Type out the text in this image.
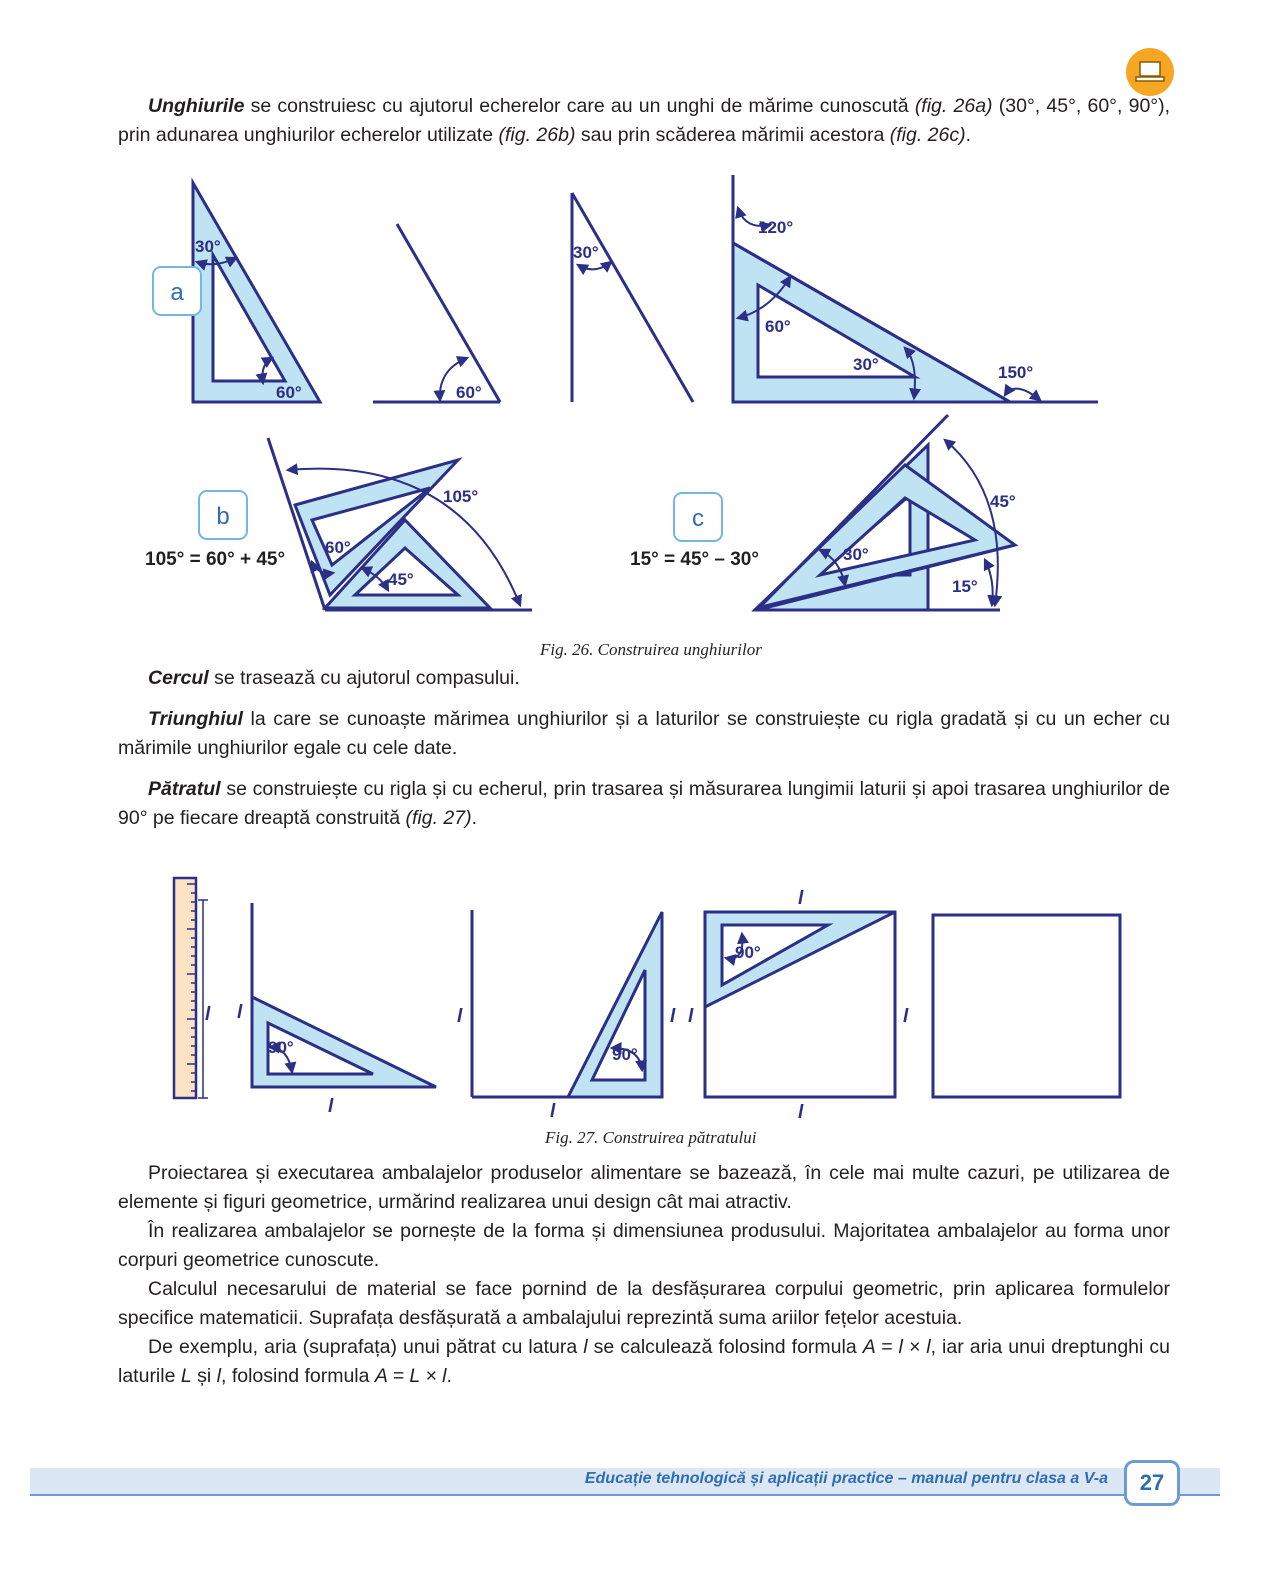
Unghiurile se construiesc cu ajutorul echerelor care au un unghi de mărime cunoscută (fig. 26a) (30°, 45°, 60°, 90°), prin adunarea unghiurilor echerelor utilizate (fig. 26b) sau prin scăderea mărimii acestora (fig. 26c).

30°
60°	60°
30°
120°
60°
30°	150°
105°
60°
45°
45°
30°
15°
105° = 60° + 45°	15° = 45° – 30°
a
b	c
Fig. 26. Construirea unghiurilor

Cercul se trasează cu ajutorul compasului.

Triunghiul la care se cunoaște mărimea unghiurilor și a laturilor se construiește cu rigla gradată și cu un echer cu mărimile unghiurilor egale cu cele date.

Pătratul se construiește cu rigla și cu echerul, prin trasarea și măsurarea lungimii laturii și apoi trasarea unghiurilor de 90° pe fiecare dreaptă construită (fig. 27).

90°	90°
90°
l l
l
l
l
l l
l
l
l
Fig. 27. Construirea pătratului

Proiectarea și executarea ambalajelor produselor alimentare se bazează, în cele mai multe cazuri, pe utilizarea de elemente și figuri geometrice, urmărind realizarea unui design cât mai atractiv.

În realizarea ambalajelor se pornește de la forma și dimensiunea produsului. Majoritatea ambalajelor au forma unor corpuri geometrice cunoscute.

Calculul necesarului de material se face pornind de la desfășurarea corpului geometric, prin aplicarea formulelor specifice matematicii. Suprafața desfășurată a ambalajului reprezintă suma ariilor fețelor acestuia.

De exemplu, aria (suprafața) unui pătrat cu latura l se calculează folosind formula A = l × l, iar aria unui dreptunghi cu laturile L și l, folosind formula A = L × l.

Educație tehnologică și aplicații practice – manual pentru clasa a V-a	27
